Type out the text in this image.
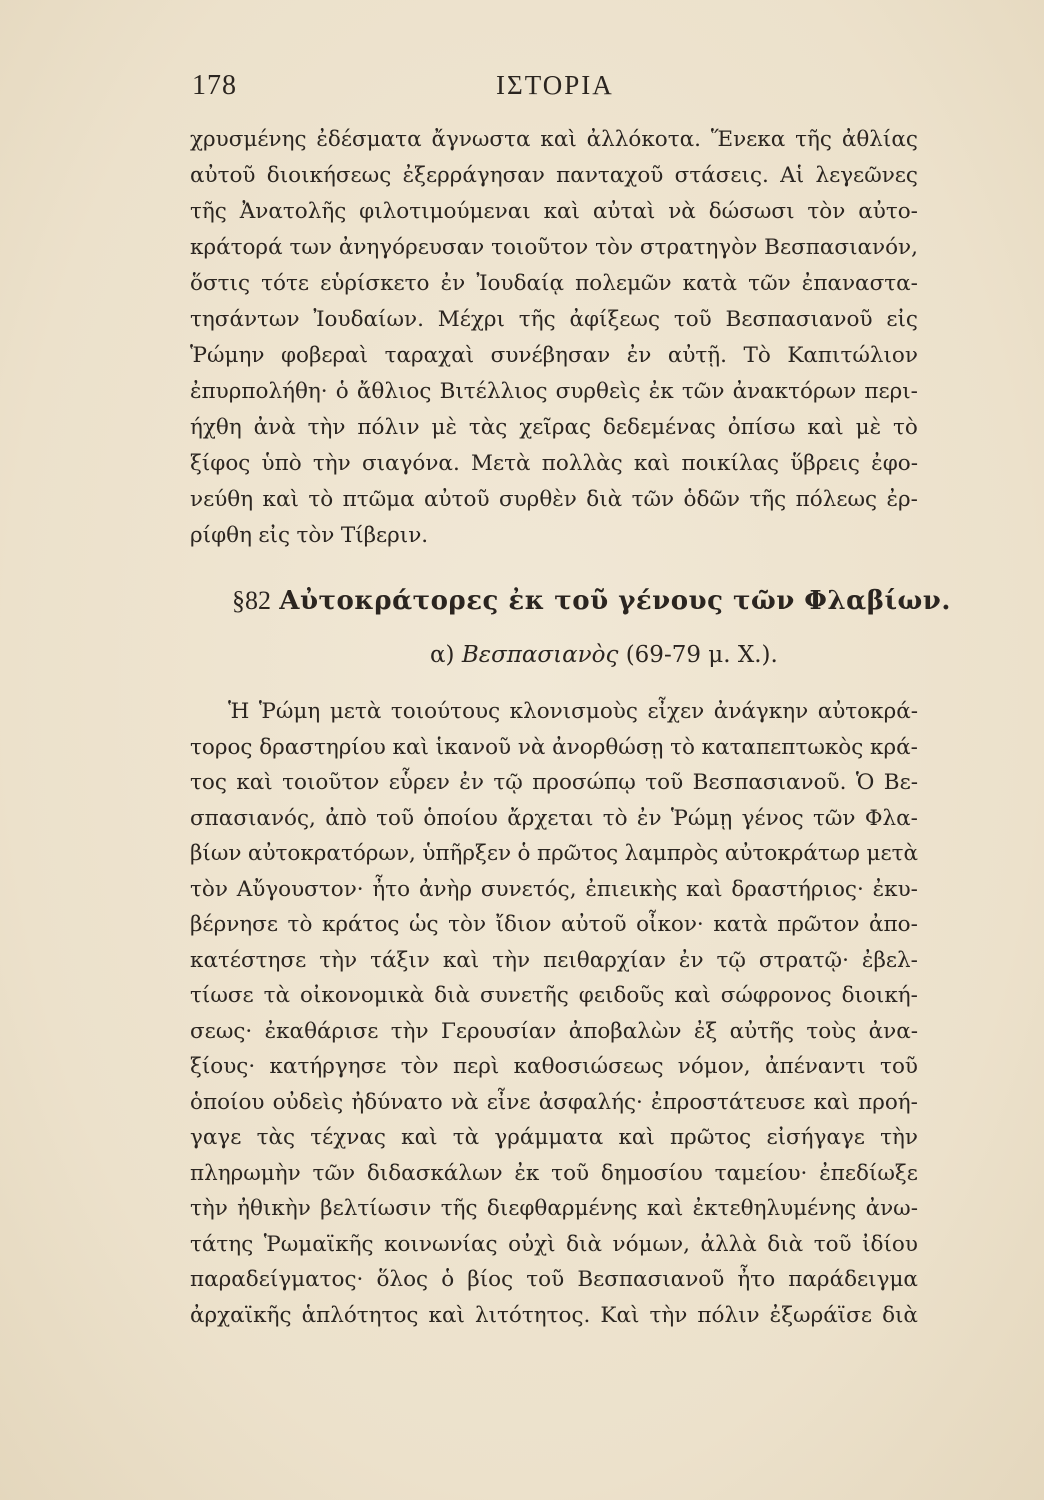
178	ΙΣΤΟΡΙΑ
χρυσμένης ἐδέσματα ἄγνωστα καὶ ἀλλόκοτα. Ἕνεκα τῆς ἀθλίας
αὐτοῦ διοικήσεως ἐξερράγησαν πανταχοῦ στάσεις. Αἱ λεγεῶνες
τῆς Ἀνατολῆς φιλοτιμούμεναι καὶ αὐταὶ νὰ δώσωσι τὸν αὐτο-
κράτορά των ἀνηγόρευσαν τοιοῦτον τὸν στρατηγὸν Βεσπασιανόν,
ὅστις τότε εὑρίσκετο ἐν Ἰουδαίᾳ πολεμῶν κατὰ τῶν ἐπαναστα-
τησάντων Ἰουδαίων. Μέχρι τῆς ἀφίξεως τοῦ Βεσπασιανοῦ εἰς
Ῥώμην φοβεραὶ ταραχαὶ συνέβησαν ἐν αὐτῇ. Τὸ Καπιτώλιον
ἐπυρπολήθη· ὁ ἄθλιος Βιτέλλιος συρθεὶς ἐκ τῶν ἀνακτόρων περι-
ήχθη ἀνὰ τὴν πόλιν μὲ τὰς χεῖρας δεδεμένας ὀπίσω καὶ μὲ τὸ
ξίφος ὑπὸ τὴν σιαγόνα. Μετὰ πολλὰς καὶ ποικίλας ὕβρεις ἐφο-
νεύθη καὶ τὸ πτῶμα αὐτοῦ συρθὲν διὰ τῶν ὁδῶν τῆς πόλεως ἐρ-
ρίφθη εἰς τὸν Τίβεριν.
§82 Αὐτοκράτορες ἐκ τοῦ γένους τῶν Φλαβίων.
α) Βεσπασιανὸς (69-79 μ. Χ.).
Ἡ Ῥώμη μετὰ τοιούτους κλονισμοὺς εἶχεν ἀνάγκην αὐτοκρά-
τορος δραστηρίου καὶ ἱκανοῦ νὰ ἀνορθώσῃ τὸ καταπεπτωκὸς κρά-
τος καὶ τοιοῦτον εὗρεν ἐν τῷ προσώπῳ τοῦ Βεσπασιανοῦ. Ὁ Βε-
σπασιανός, ἀπὸ τοῦ ὁποίου ἄρχεται τὸ ἐν Ῥώμῃ γένος τῶν Φλα-
βίων αὐτοκρατόρων, ὑπῆρξεν ὁ πρῶτος λαμπρὸς αὐτοκράτωρ μετὰ
τὸν Αὔγουστον· ἦτο ἀνὴρ συνετός, ἐπιεικὴς καὶ δραστήριος· ἐκυ-
βέρνησε τὸ κράτος ὡς τὸν ἴδιον αὐτοῦ οἶκον· κατὰ πρῶτον ἀπο-
κατέστησε τὴν τάξιν καὶ τὴν πειθαρχίαν ἐν τῷ στρατῷ· ἐβελ-
τίωσε τὰ οἰκονομικὰ διὰ συνετῆς φειδοῦς καὶ σώφρονος διοική-
σεως· ἐκαθάρισε τὴν Γερουσίαν ἀποβαλὼν ἐξ αὐτῆς τοὺς ἀνα-
ξίους· κατήργησε τὸν περὶ καθοσιώσεως νόμον, ἀπέναντι τοῦ
ὁποίου οὐδεὶς ἠδύνατο νὰ εἶνε ἀσφαλής· ἐπροστάτευσε καὶ προή-
γαγε τὰς τέχνας καὶ τὰ γράμματα καὶ πρῶτος εἰσήγαγε τὴν
πληρωμὴν τῶν διδασκάλων ἐκ τοῦ δημοσίου ταμείου· ἐπεδίωξε
τὴν ἠθικὴν βελτίωσιν τῆς διεφθαρμένης καὶ ἐκτεθηλυμένης ἀνω-
τάτης Ῥωμαϊκῆς κοινωνίας οὐχὶ διὰ νόμων, ἀλλὰ διὰ τοῦ ἰδίου
παραδείγματος· ὅλος ὁ βίος τοῦ Βεσπασιανοῦ ἦτο παράδειγμα
ἀρχαϊκῆς ἁπλότητος καὶ λιτότητος. Καὶ τὴν πόλιν ἐξωράϊσε διὰ
